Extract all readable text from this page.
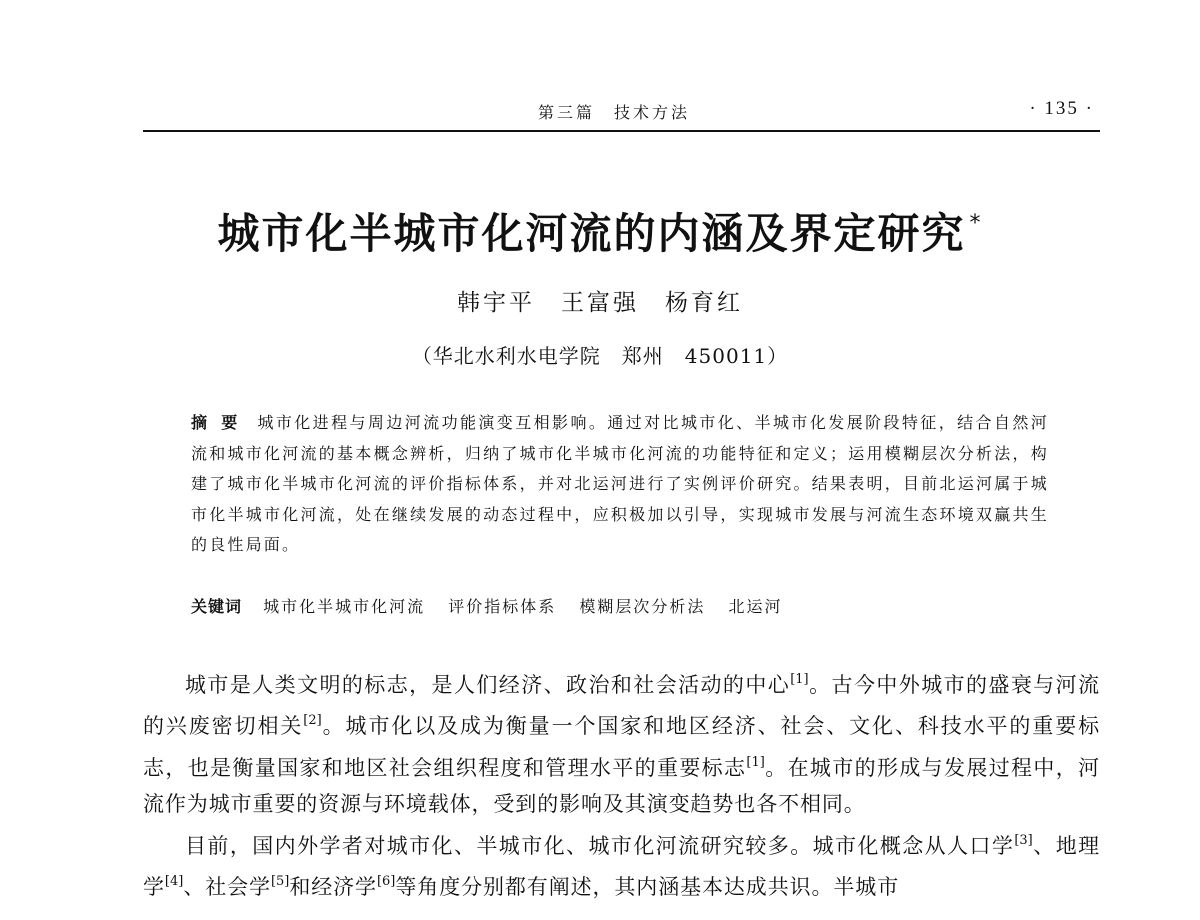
第三篇　技术方法	· 135 ·
城市化半城市化河流的内涵及界定研究 *
韩宇平　王富强　杨育红
（华北水利水电学院　郑州　450011）
摘要 城市化进程与周边河流功能演变互相影响。通过对比城市化、半城市化发展阶段特征，结合自然河流和城市化河流的基本概念辨析，归纳了城市化半城市化河流的功能特征和定义；运用模糊层次分析法，构建了城市化半城市化河流的评价指标体系，并对北运河进行了实例评价研究。结果表明，目前北运河属于城市化半城市化河流，处在继续发展的动态过程中，应积极加以引导，实现城市发展与河流生态环境双赢共生的良性局面。
关键词 城市化半城市化河流 评价指标体系 模糊层次分析法 北运河

城市是人类文明的标志，是人们经济、政治和社会活动的中心[1]。古今中外城市的盛衰与河流的兴废密切相关[2]。城市化以及成为衡量一个国家和地区经济、社会、文化、科技水平的重要标志，也是衡量国家和地区社会组织程度和管理水平的重要标志[1]。在城市的形成与发展过程中，河流作为城市重要的资源与环境载体，受到的影响及其演变趋势也各不相同。

目前，国内外学者对城市化、半城市化、城市化河流研究较多。城市化概念从人口学[3]、地理学[4]、社会学[5]和经济学[6]等角度分别都有阐述，其内涵基本达成共识。半城市
